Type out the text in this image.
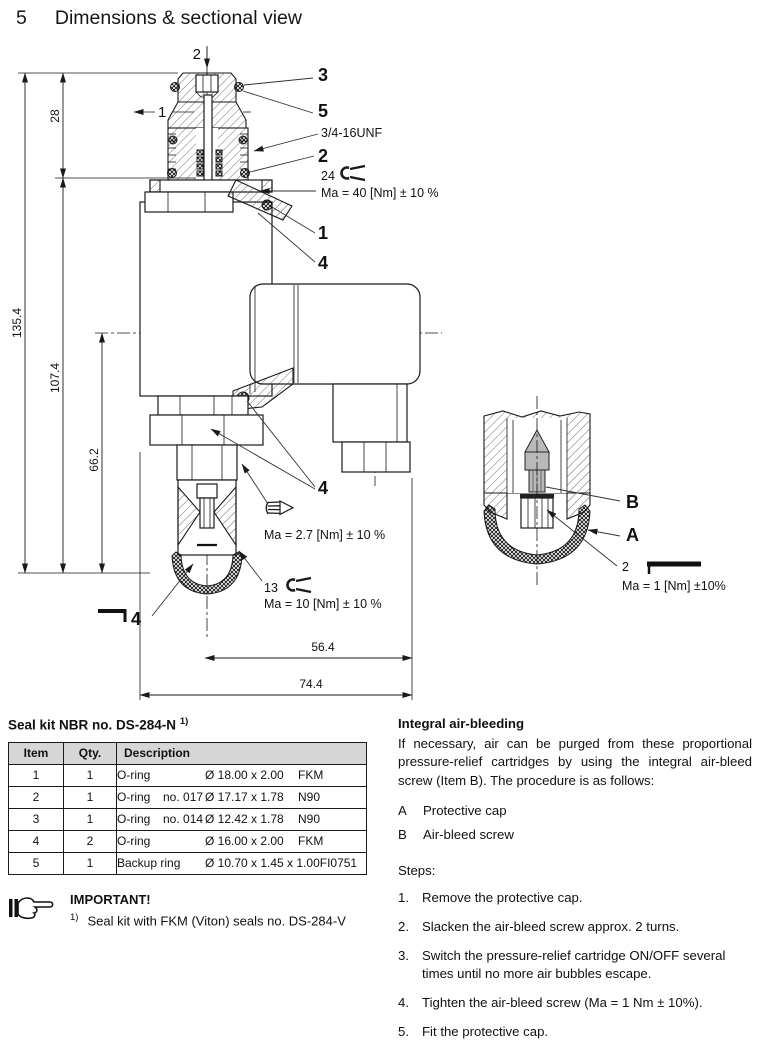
5 Dimensions & sectional view
135.4
28
107.4
66.2
56.4
74.4
2
1
3
5
3/4-16UNF
2
24
Ma = 40 [Nm] ± 10 %
1
4
4
Ma = 2.7 [Nm] ± 10 %
13
Ma = 10 [Nm] ± 10 %
4
B
A
2
Ma = 1 [Nm] ±10%
Seal kit NBR no. DS-284-N $^{1)}$
Item	Qty.	Description
1	1	O-ring Ø 18.00 x 2.00 FKM

2	1	O-ring no. 017 Ø 17.17 x 1.78 N90

3	1	O-ring no. 014 Ø 12.42 x 1.78 N90

4	2	O-ring Ø 16.00 x 2.00 FKM

5	1	Backup ring Ø 10.70 x 1.45 x 1.00 FI0751
IMPORTANT!
$^{1)}$ Seal kit with FKM (Viton) seals no. DS-284-V
Integral air-bleeding

If necessary, air can be purged from these proportional pressure-relief cartridges by using the integral air-bleed screw (Item B). The procedure is as follows:

A	Protective cap
B	Air-bleed screw
Steps:
1. Remove the protective cap.
2. Slacken the air-bleed screw approx. 2 turns.
3. Switch the pressure-relief cartridge ON/OFF several times until no more air bubbles escape.
4. Tighten the air-bleed screw (Ma = 1 Nm ± 10%).
5. Fit the protective cap.
